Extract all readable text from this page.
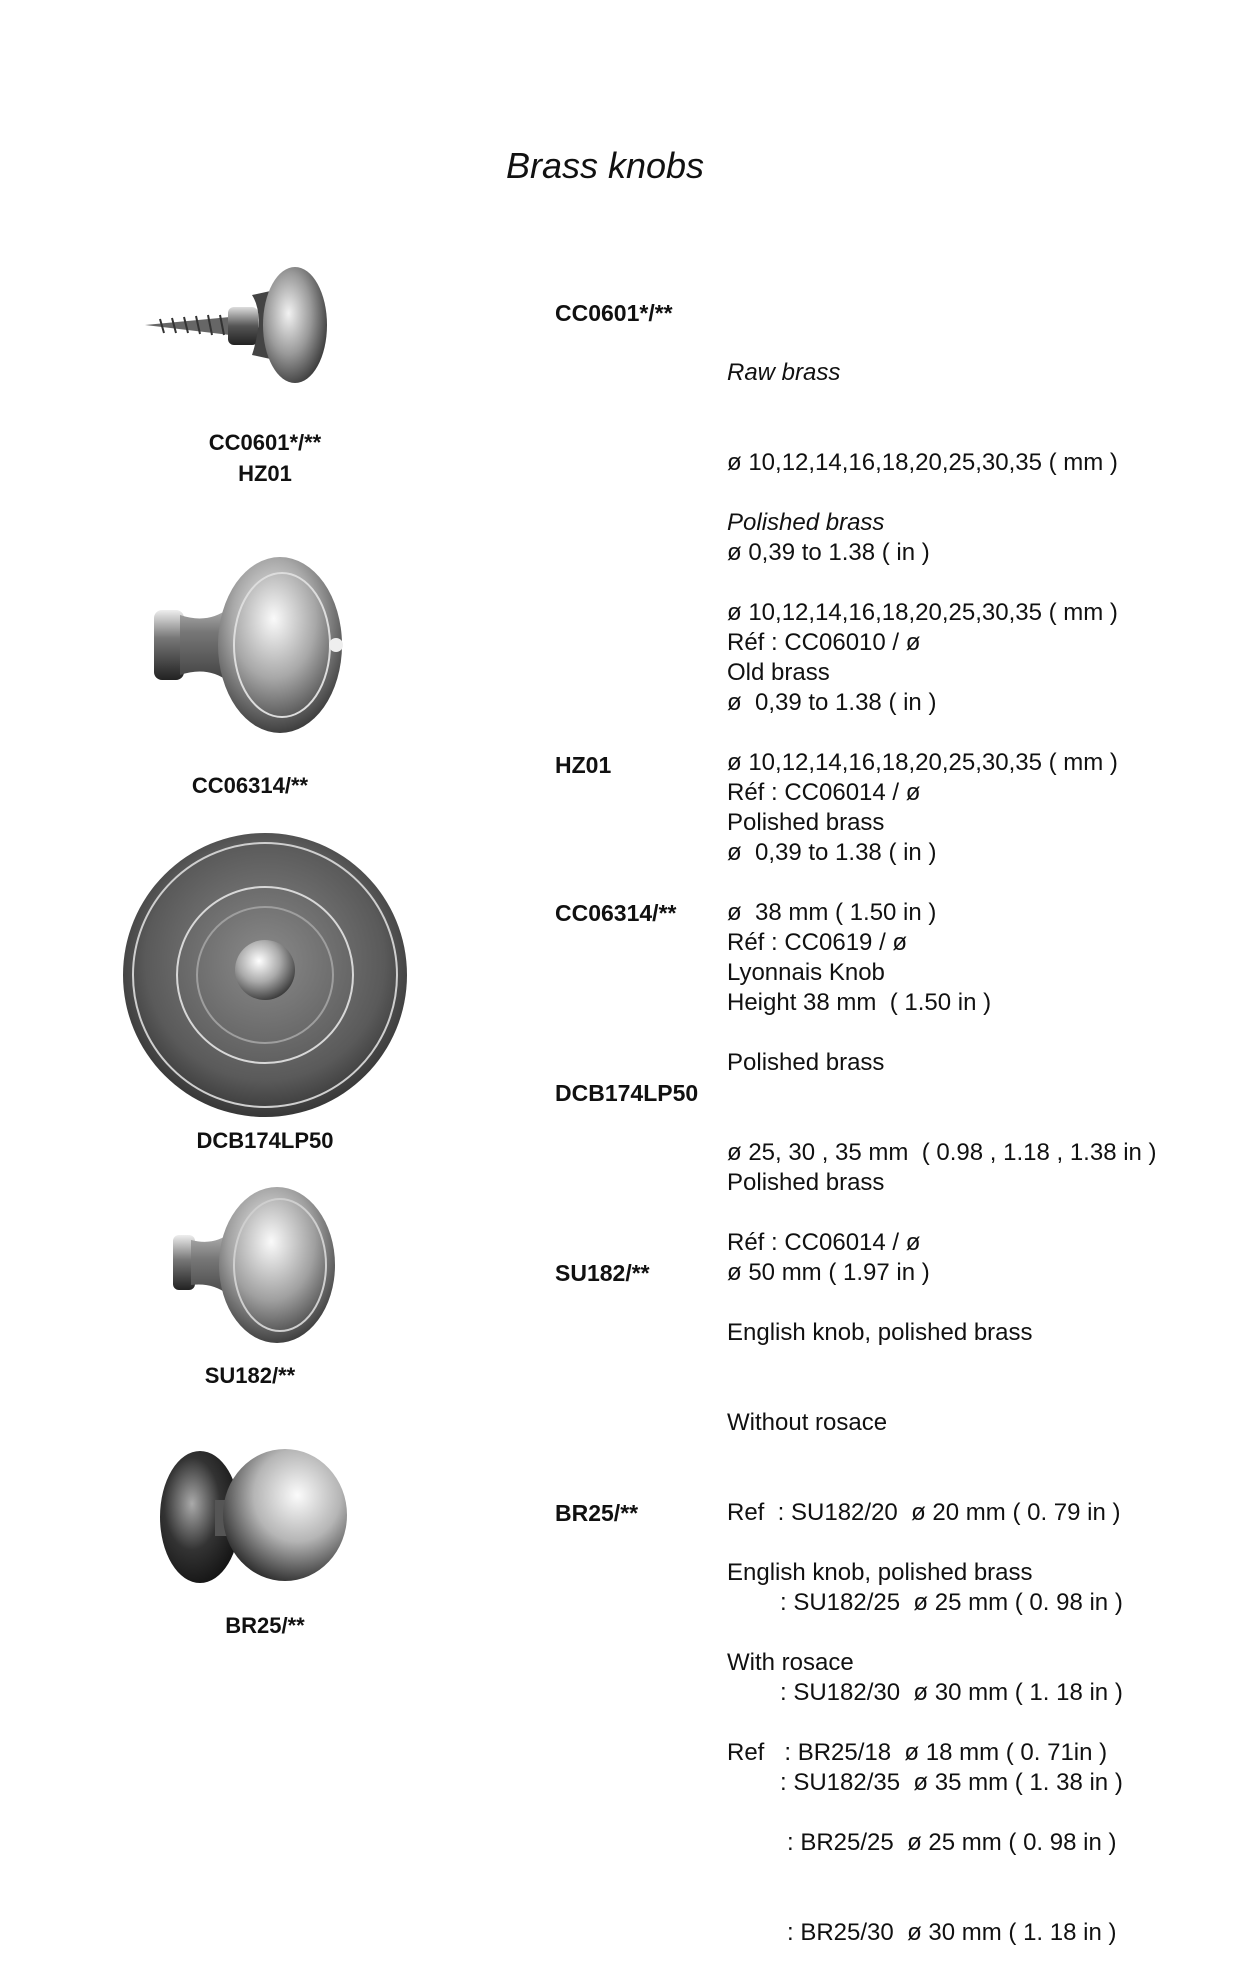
Brass knobs
CC0601*/**
HZ01
CC06314/**
DCB174LP50
SU182/**
BR25/**
CC0601*/**
HZ01
CC06314/**
DCB174LP50
SU182/**
BR25/**

Raw brass

ø 10,12,14,16,18,20,25,30,35 ( mm )

ø 0,39 to 1.38 ( in )

Réf : CC06010 / ø

Polished brass

ø 10,12,14,16,18,20,25,30,35 ( mm )

ø  0,39 to 1.38 ( in )

Réf : CC06014 / ø

Old brass

ø 10,12,14,16,18,20,25,30,35 ( mm )

ø  0,39 to 1.38 ( in )

Réf : CC0619 / ø

Polished brass

ø  38 mm ( 1.50 in )

Height 38 mm  ( 1.50 in )

Lyonnais Knob

Polished brass

ø 25, 30 , 35 mm  ( 0.98 , 1.18 , 1.38 in )

Réf : CC06014 / ø

Polished brass

ø 50 mm ( 1.97 in )

English knob, polished brass

Without rosace

Ref  : SU182/20  ø 20 mm ( 0. 79 in )

: SU182/25  ø 25 mm ( 0. 98 in )

: SU182/30  ø 30 mm ( 1. 18 in )

: SU182/35  ø 35 mm ( 1. 38 in )

English knob, polished brass

With rosace

Ref   : BR25/18  ø 18 mm ( 0. 71in )

: BR25/25  ø 25 mm ( 0. 98 in )

: BR25/30  ø 30 mm ( 1. 18 in )
